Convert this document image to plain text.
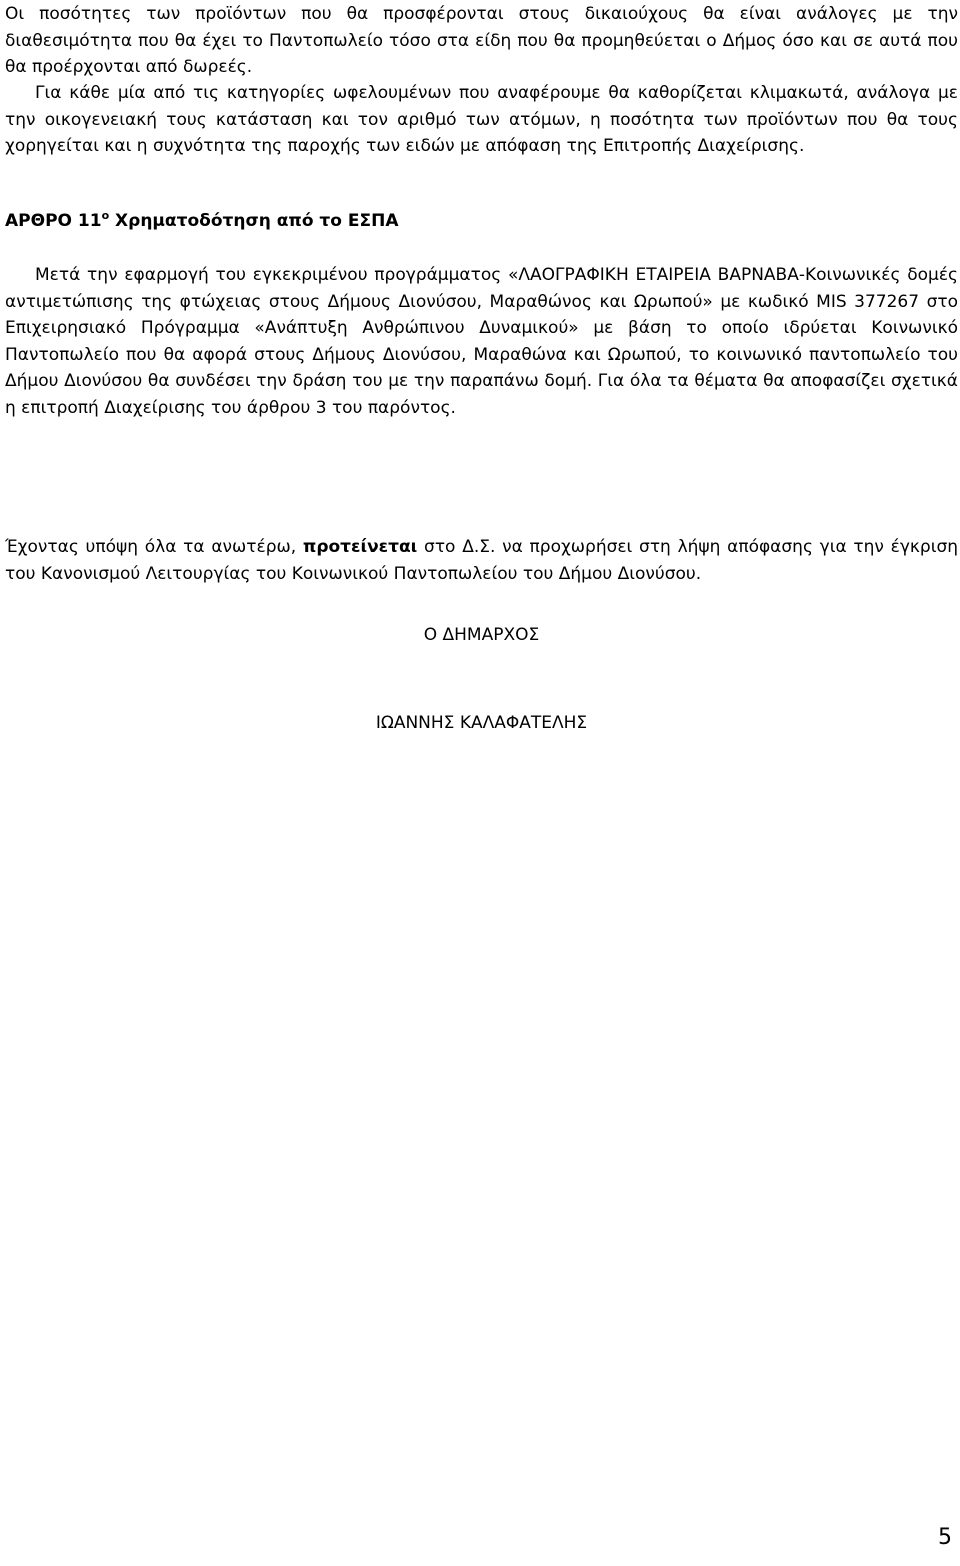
Οι ποσότητες των προϊόντων που θα προσφέρονται στους δικαιούχους θα είναι ανάλογες με την διαθεσιμότητα που θα έχει το Παντοπωλείο τόσο στα είδη που θα προμηθεύεται ο Δήμος όσο και σε αυτά που θα προέρχονται από δωρεές.

Για κάθε μία από τις κατηγορίες ωφελουμένων που αναφέρουμε θα καθορίζεται κλιμακωτά, ανάλογα με την οικογενειακή τους κατάσταση και τον αριθμό των ατόμων, η ποσότητα των προϊόντων που θα τους χορηγείται και η συχνότητα της παροχής των ειδών με απόφαση της Επιτροπής Διαχείρισης.

ΑΡΘΡΟ $11^o$ Χρηματοδότηση από το ΕΣΠΑ

Μετά την εφαρμογή του εγκεκριμένου προγράμματος «ΛΑΟΓΡΑΦΙΚΗ ΕΤΑΙΡΕΙΑ ΒΑΡΝΑΒΑ-Κοινωνικές δομές αντιμετώπισης της φτώχειας στους Δήμους Διονύσου, Μαραθώνος και Ωρωπού» με κωδικό MIS 377267 στο Επιχειρησιακό Πρόγραμμα «Ανάπτυξη Ανθρώπινου Δυναμικού» με βάση το οποίο ιδρύεται Κοινωνικό Παντοπωλείο που θα αφορά στους Δήμους Διονύσου, Μαραθώνα και Ωρωπού, το κοινωνικό παντοπωλείο του Δήμου Διονύσου θα συνδέσει την δράση του με την παραπάνω δομή. Για όλα τα θέματα θα αποφασίζει σχετικά η επιτροπή Διαχείρισης του άρθρου 3 του παρόντος.

Έχοντας υπόψη όλα τα ανωτέρω, προτείνεται στο Δ.Σ. να προχωρήσει στη λήψη απόφασης για την έγκριση του Κανονισμού Λειτουργίας του Κοινωνικού Παντοπωλείου του Δήμου Διονύσου.

Ο ΔΗΜΑΡΧΟΣ

ΙΩΑΝΝΗΣ ΚΑΛΑΦΑΤΕΛΗΣ

5
